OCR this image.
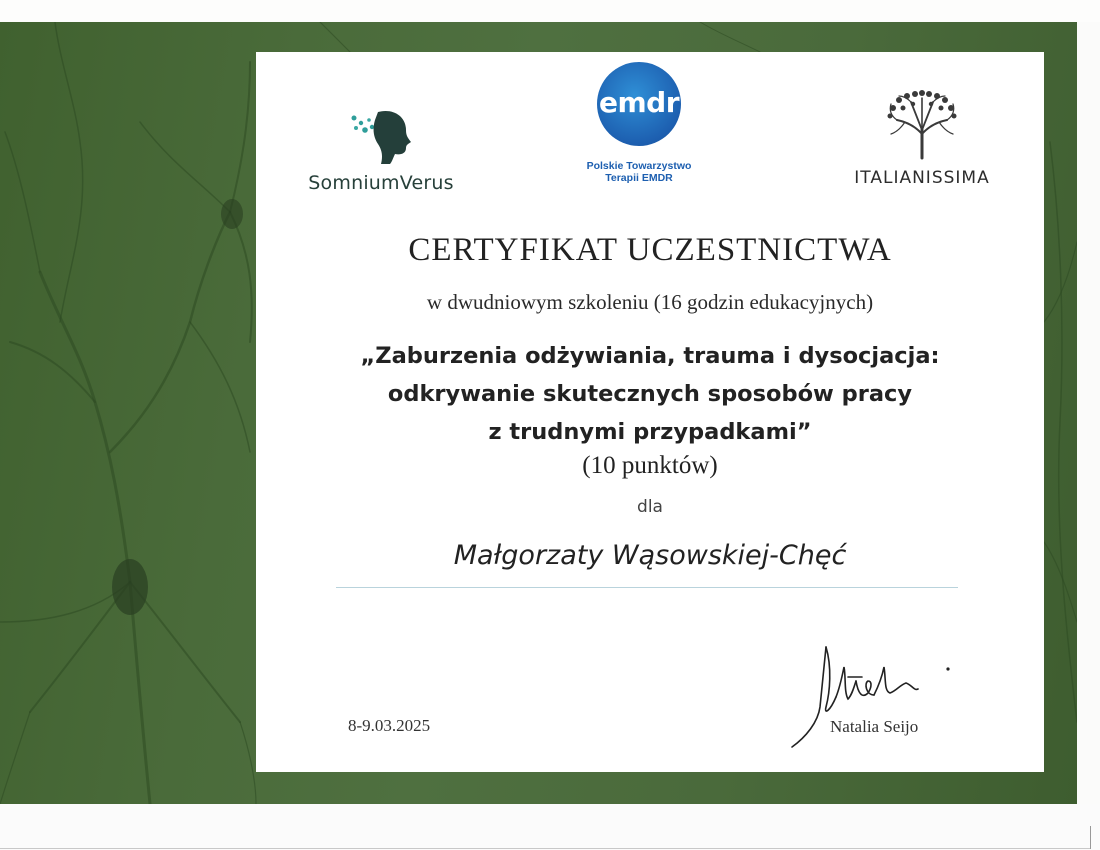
SomniumVerus
emdr
Polskie Towarzystwo
Terapii EMDR	ITALIANISSIMA
CERTYFIKAT UCZESTNICTWA
w dwudniowym szkoleniu (16 godzin edukacyjnych)
„Zaburzenia odżywiania, trauma i dysocjacja:
odkrywanie skutecznych sposobów pracy
z trudnymi przypadkami”
(10 punktów)
dla
Małgorzaty Wąsowskiej-Chęć
8-9.03.2025	Natalia Seijo
